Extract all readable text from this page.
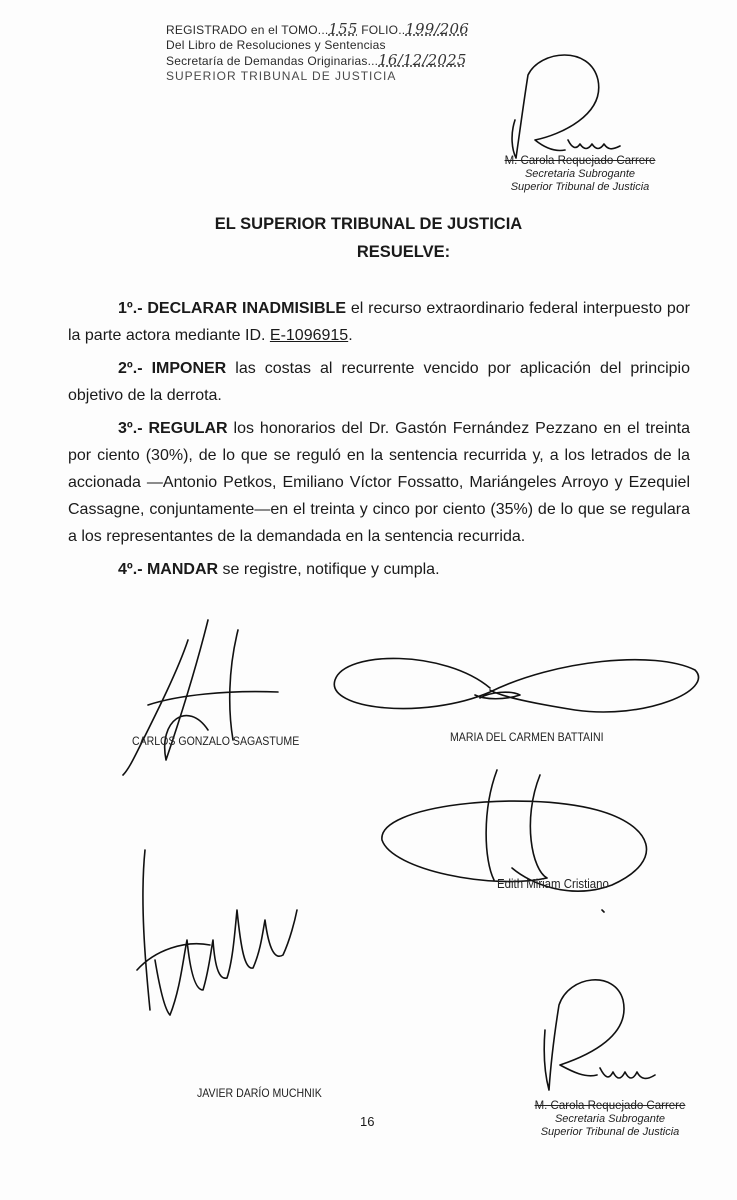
REGISTRADO en el TOMO...155 FOLIO..199/206
Del Libro de Resoluciones y Sentencias
Secretaría de Demandas Originarias...16/12/2025
SUPERIOR TRIBUNAL DE JUSTICIA
M. Carola Requejado Carrere
Secretaria Subrogante
Superior Tribunal de Justicia
EL SUPERIOR TRIBUNAL DE JUSTICIA
RESUELVE:

1º.- DECLARAR INADMISIBLE el recurso extraordinario federal interpuesto por la parte actora mediante ID. E-1096915.

2º.- IMPONER las costas al recurrente vencido por aplicación del principio objetivo de la derrota.

3º.- REGULAR los honorarios del Dr. Gastón Fernández Pezzano en el treinta por ciento (30%), de lo que se reguló en la sentencia recurrida y, a los letrados de la accionada —Antonio Petkos, Emiliano Víctor Fossatto, Mariángeles Arroyo y Ezequiel Cassagne, conjuntamente—en el treinta y cinco por ciento (35%) de lo que se regulara a los representantes de la demandada en la sentencia recurrida.

4º.- MANDAR se registre, notifique y cumpla.

CARLOS GONZALO SAGASTUME	MARIA DEL CARMEN BATTAINI
Edith Miriam Cristiano
JAVIER DARÍO MUCHNIK
16
M. Carola Requejado Carrere
Secretaria Subrogante
Superior Tribunal de Justicia
